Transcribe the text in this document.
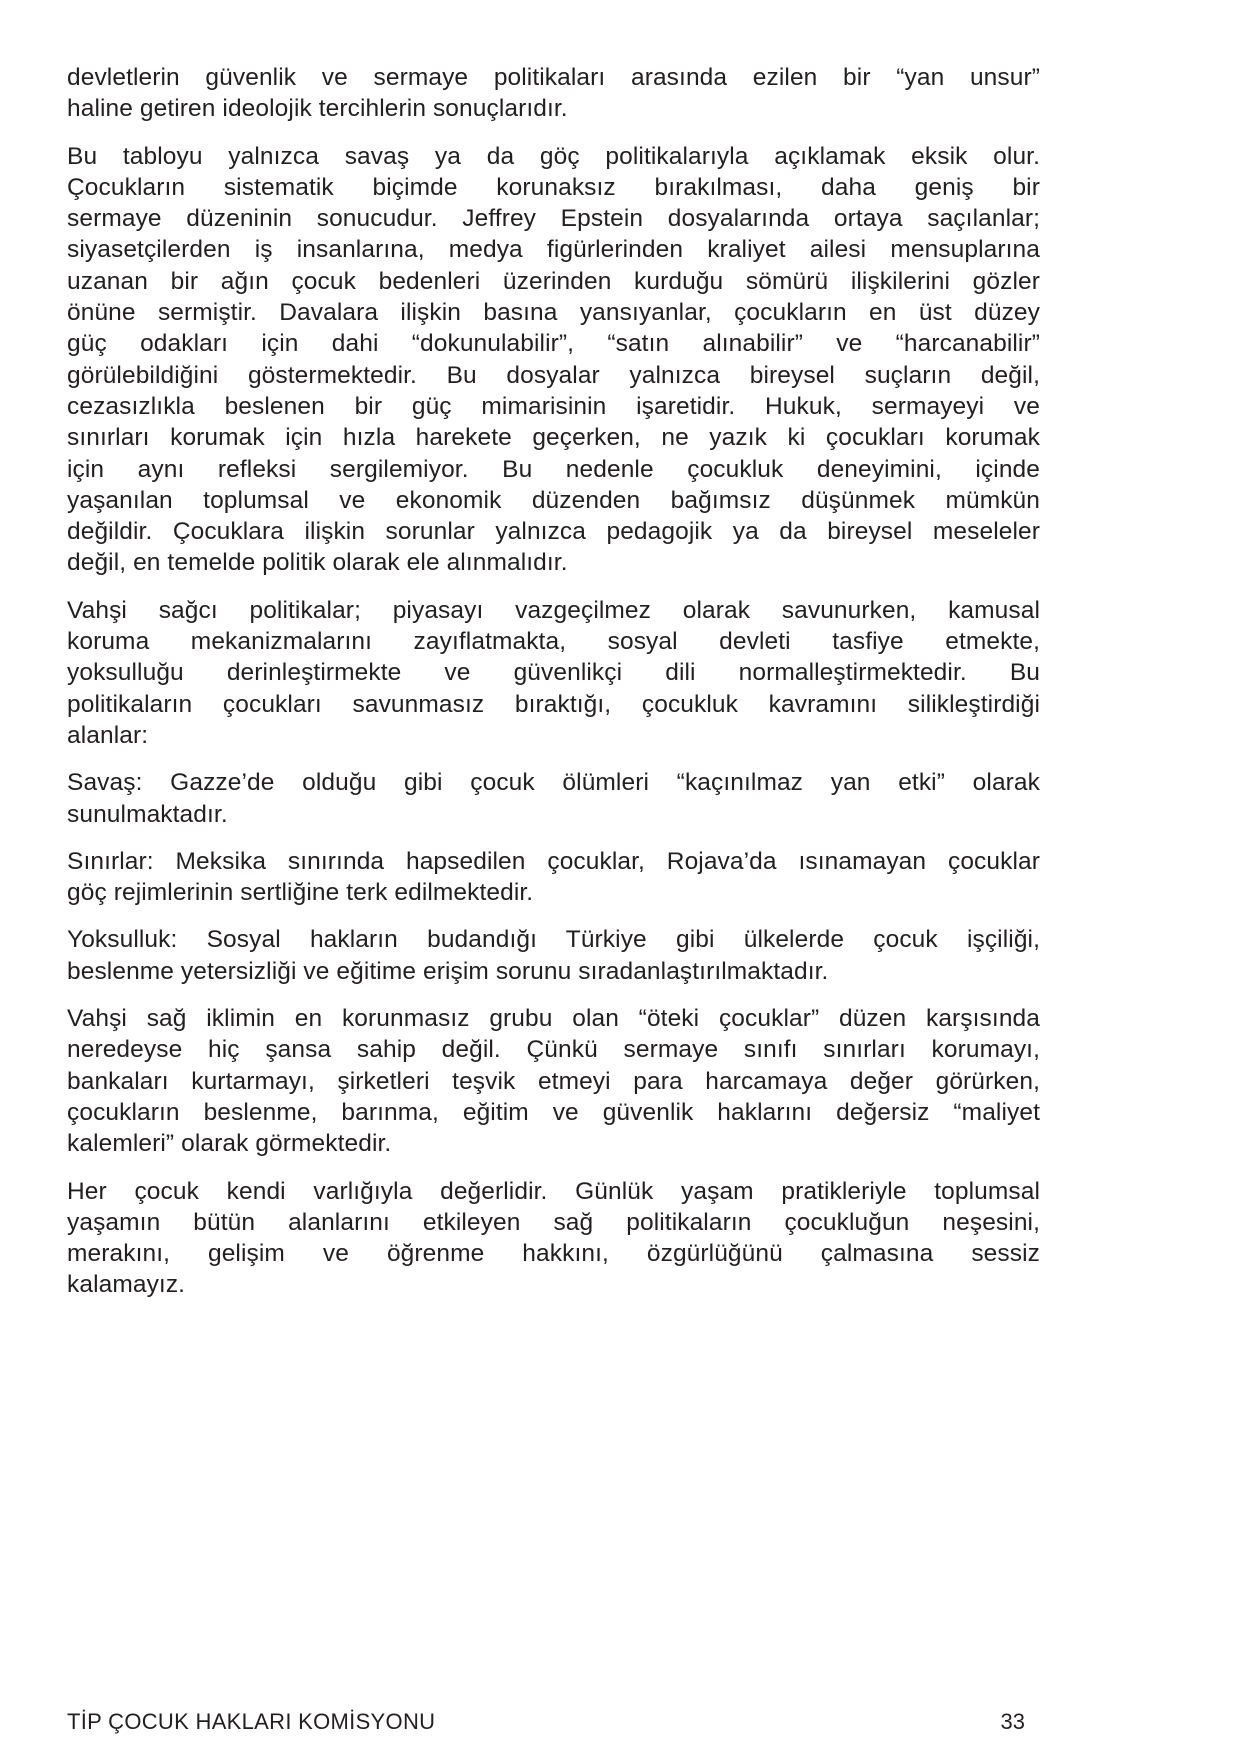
devletlerin güvenlik ve sermaye politikaları arasında ezilen bir “yan unsur”
haline getiren ideolojik tercihlerin sonuçlarıdır.

Bu tabloyu yalnızca savaş ya da göç politikalarıyla açıklamak eksik olur.
Çocukların sistematik biçimde korunaksız bırakılması, daha geniş bir
sermaye düzeninin sonucudur. Jeffrey Epstein dosyalarında ortaya saçılanlar;
siyasetçilerden iş insanlarına, medya figürlerinden kraliyet ailesi mensuplarına
uzanan bir ağın çocuk bedenleri üzerinden kurduğu sömürü ilişkilerini gözler
önüne sermiştir. Davalara ilişkin basına yansıyanlar, çocukların en üst düzey
güç odakları için dahi “dokunulabilir”, “satın alınabilir” ve “harcanabilir”
görülebildiğini göstermektedir. Bu dosyalar yalnızca bireysel suçların değil,
cezasızlıkla beslenen bir güç mimarisinin işaretidir. Hukuk, sermayeyi ve
sınırları korumak için hızla harekete geçerken, ne yazık ki çocukları korumak
için aynı refleksi sergilemiyor. Bu nedenle çocukluk deneyimini, içinde
yaşanılan toplumsal ve ekonomik düzenden bağımsız düşünmek mümkün
değildir. Çocuklara ilişkin sorunlar yalnızca pedagojik ya da bireysel meseleler
değil, en temelde politik olarak ele alınmalıdır.

Vahşi sağcı politikalar; piyasayı vazgeçilmez olarak savunurken, kamusal
koruma mekanizmalarını zayıflatmakta, sosyal devleti tasfiye etmekte,
yoksulluğu derinleştirmekte ve güvenlikçi dili normalleştirmektedir. Bu
politikaların çocukları savunmasız bıraktığı, çocukluk kavramını silikleştirdiği
alanlar:

Savaş: Gazze’de olduğu gibi çocuk ölümleri “kaçınılmaz yan etki” olarak
sunulmaktadır.

Sınırlar: Meksika sınırında hapsedilen çocuklar, Rojava’da ısınamayan çocuklar
göç rejimlerinin sertliğine terk edilmektedir.

Yoksulluk: Sosyal hakların budandığı Türkiye gibi ülkelerde çocuk işçiliği,
beslenme yetersizliği ve eğitime erişim sorunu sıradanlaştırılmaktadır.

Vahşi sağ iklimin en korunmasız grubu olan “öteki çocuklar” düzen karşısında
neredeyse hiç şansa sahip değil. Çünkü sermaye sınıfı sınırları korumayı,
bankaları kurtarmayı, şirketleri teşvik etmeyi para harcamaya değer görürken,
çocukların beslenme, barınma, eğitim ve güvenlik haklarını değersiz “maliyet
kalemleri” olarak görmektedir.

Her çocuk kendi varlığıyla değerlidir. Günlük yaşam pratikleriyle toplumsal
yaşamın bütün alanlarını etkileyen sağ politikaların çocukluğun neşesini,
merakını, gelişim ve öğrenme hakkını, özgürlüğünü çalmasına sessiz
kalamayız.

TİP ÇOCUK HAKLARI KOMİSYONU	33
